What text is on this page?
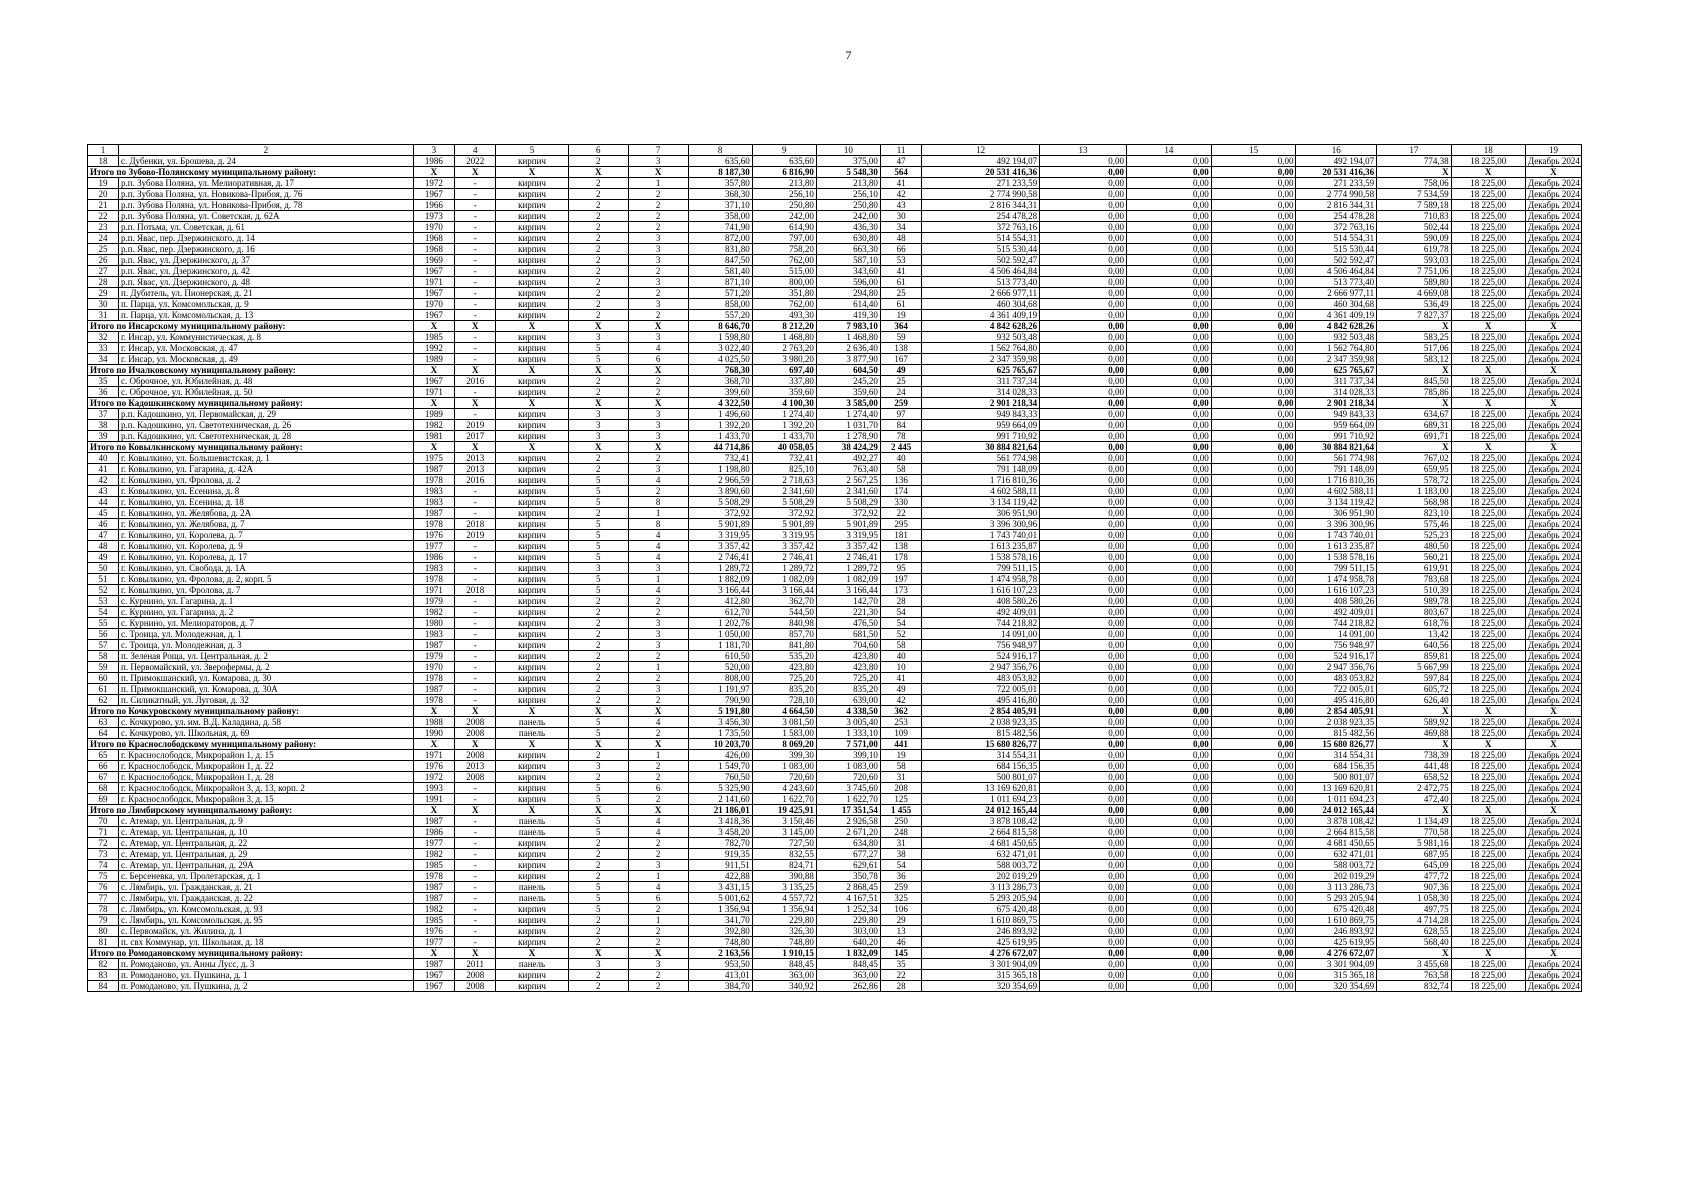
7
1	2	3	4	5	6	7	8	9	10	11	12	13	14	15	16	17	18	19
18	с. Дубенки, ул. Брошева, д. 24	1986	2022	кирпич	2	3	635,60	635,60	375,00	47	492 194,07	0,00	0,00	0,00	492 194,07	774,38	18 225,00	Декабрь 2024
Итого по Зубово-Полянскому муниципальному району:		X	X	X	X	X	8 187,30	6 816,90	5 548,30	564	20 531 416,36	0,00	0,00	0,00	20 531 416,36	X	X	X
19	р.п. Зубова Поляна, ул. Мелиоративная, д. 17	1972	-	кирпич	2	1	357,80	213,80	213,80	41	271 233,59	0,00	0,00	0,00	271 233,59	758,06	18 225,00	Декабрь 2024
20	р.п. Зубова Поляна, ул. Новикова-Прибоя, д. 76	1967	-	кирпич	2	2	368,30	256,10	256,10	42	2 774 990,58	0,00	0,00	0,00	2 774 990,58	7 534,59	18 225,00	Декабрь 2024
21	р.п. Зубова Поляна, ул. Новикова-Прибоя, д. 78	1966	-	кирпич	2	2	371,10	250,80	250,80	43	2 816 344,31	0,00	0,00	0,00	2 816 344,31	7 589,18	18 225,00	Декабрь 2024
22	р.п. Зубова Поляна, ул. Советская, д. 62А	1973	-	кирпич	2	2	358,00	242,00	242,00	30	254 478,28	0,00	0,00	0,00	254 478,28	710,83	18 225,00	Декабрь 2024
23	р.п. Потьма, ул. Советская, д. 61	1970	-	кирпич	2	2	741,90	614,90	436,30	34	372 763,16	0,00	0,00	0,00	372 763,16	502,44	18 225,00	Декабрь 2024
24	р.п. Явас, пер. Дзержинского, д. 14	1968	-	кирпич	2	3	872,00	797,00	630,80	48	514 554,31	0,00	0,00	0,00	514 554,31	590,09	18 225,00	Декабрь 2024
25	р.п. Явас, пер. Дзержинского, д. 16	1968	-	кирпич	2	3	831,80	758,20	663,30	66	515 530,44	0,00	0,00	0,00	515 530,44	619,78	18 225,00	Декабрь 2024
26	р.п. Явас, ул. Дзержинского, д. 37	1969	-	кирпич	2	3	847,50	762,00	587,10	53	502 592,47	0,00	0,00	0,00	502 592,47	593,03	18 225,00	Декабрь 2024
27	р.п. Явас, ул. Дзержинского, д. 42	1967	-	кирпич	2	2	581,40	515,00	343,60	41	4 506 464,84	0,00	0,00	0,00	4 506 464,84	7 751,06	18 225,00	Декабрь 2024
28	р.п. Явас, ул. Дзержинского, д. 48	1971	-	кирпич	2	3	871,10	800,00	596,00	61	513 773,40	0,00	0,00	0,00	513 773,40	589,80	18 225,00	Декабрь 2024
29	п. Дубитель, ул. Пионерская, д. 21	1967	-	кирпич	2	2	571,20	351,80	294,80	25	2 666 977,11	0,00	0,00	0,00	2 666 977,11	4 669,08	18 225,00	Декабрь 2024
30	п. Парца, ул. Комсомольская, д. 9	1970	-	кирпич	2	3	858,00	762,00	614,40	61	460 304,68	0,00	0,00	0,00	460 304,68	536,49	18 225,00	Декабрь 2024
31	п. Парца, ул. Комсомольская, д. 13	1967	-	кирпич	2	2	557,20	493,30	419,30	19	4 361 409,19	0,00	0,00	0,00	4 361 409,19	7 827,37	18 225,00	Декабрь 2024
Итого по Инсарскому муниципальному району:		X	X	X	X	X	8 646,70	8 212,20	7 983,10	364	4 842 628,26	0,00	0,00	0,00	4 842 628,26	X	X	X
32	г. Инсар, ул. Коммунистическая, д. 8	1985	-	кирпич	3	3	1 598,80	1 468,80	1 468,80	59	932 503,48	0,00	0,00	0,00	932 503,48	583,25	18 225,00	Декабрь 2024
33	г. Инсар, ул. Московская, д. 47	1992	-	кирпич	5	4	3 022,40	2 763,20	2 636,40	138	1 562 764,80	0,00	0,00	0,00	1 562 764,80	517,06	18 225,00	Декабрь 2024
34	г. Инсар, ул. Московская, д. 49	1989	-	кирпич	5	6	4 025,50	3 980,20	3 877,90	167	2 347 359,98	0,00	0,00	0,00	2 347 359,98	583,12	18 225,00	Декабрь 2024
Итого по Ичалковскому муниципальному району:		X	X	X	X	X	768,30	697,40	604,50	49	625 765,67	0,00	0,00	0,00	625 765,67	X	X	X
35	с. Оброчное, ул. Юбилейная, д. 48	1967	2016	кирпич	2	2	368,70	337,80	245,20	25	311 737,34	0,00	0,00	0,00	311 737,34	845,50	18 225,00	Декабрь 2024
36	с. Оброчное, ул. Юбилейная, д. 50	1971	-	кирпич	2	2	399,60	359,60	359,60	24	314 028,33	0,00	0,00	0,00	314 028,33	785,86	18 225,00	Декабрь 2024
Итого по Кадошкинскому муниципальному району:		X	X	X	X	X	4 322,50	4 100,30	3 585,00	259	2 901 218,34	0,00	0,00	0,00	2 901 218,34	X	X	X
37	р.п. Кадошкино, ул. Первомайская, д. 29	1989	-	кирпич	3	3	1 496,60	1 274,40	1 274,40	97	949 843,33	0,00	0,00	0,00	949 843,33	634,67	18 225,00	Декабрь 2024
38	р.п. Кадошкино, ул. Светотехническая, д. 26	1982	2019	кирпич	3	3	1 392,20	1 392,20	1 031,70	84	959 664,09	0,00	0,00	0,00	959 664,09	689,31	18 225,00	Декабрь 2024
39	р.п. Кадошкино, ул. Светотехническая, д. 28	1981	2017	кирпич	3	3	1 433,70	1 433,70	1 278,90	78	991 710,92	0,00	0,00	0,00	991 710,92	691,71	18 225,00	Декабрь 2024
Итого по Ковылкинскому муниципальному району:		X	X	X	X	X	44 714,86	40 058,05	38 424,29	2 445	30 884 821,64	0,00	0,00	0,00	30 884 821,64	X	X	X
40	г. Ковылкино, ул. Большевистская, д. 1	1975	2013	кирпич	2	2	732,41	732,41	492,27	40	561 774,98	0,00	0,00	0,00	561 774,98	767,02	18 225,00	Декабрь 2024
41	г. Ковылкино, ул. Гагарина, д. 42А	1987	2013	кирпич	2	3	1 198,80	825,10	763,40	58	791 148,09	0,00	0,00	0,00	791 148,09	659,95	18 225,00	Декабрь 2024
42	г. Ковылкино, ул. Фролова, д. 2	1978	2016	кирпич	5	4	2 966,59	2 718,63	2 567,25	136	1 716 810,36	0,00	0,00	0,00	1 716 810,36	578,72	18 225,00	Декабрь 2024
43	г. Ковылкино, ул. Есенина, д. 8	1983	-	кирпич	5	2	3 890,60	2 341,60	2 341,60	174	4 602 588,11	0,00	0,00	0,00	4 602 588,11	1 183,00	18 225,00	Декабрь 2024
44	г. Ковылкино, ул. Есенина, д. 18	1983	-	кирпич	5	8	5 508,29	5 508,29	5 508,29	330	3 134 119,42	0,00	0,00	0,00	3 134 119,42	568,98	18 225,00	Декабрь 2024
45	г. Ковылкино, ул. Желябова, д. 2А	1987	-	кирпич	2	1	372,92	372,92	372,92	22	306 951,90	0,00	0,00	0,00	306 951,90	823,10	18 225,00	Декабрь 2024
46	г. Ковылкино, ул. Желябова, д. 7	1978	2018	кирпич	5	8	5 901,89	5 901,89	5 901,89	295	3 396 300,96	0,00	0,00	0,00	3 396 300,96	575,46	18 225,00	Декабрь 2024
47	г. Ковылкино, ул. Королева, д. 7	1976	2019	кирпич	5	4	3 319,95	3 319,95	3 319,95	181	1 743 740,01	0,00	0,00	0,00	1 743 740,01	525,23	18 225,00	Декабрь 2024
48	г. Ковылкино, ул. Королева, д. 9	1977	-	кирпич	5	4	3 357,42	3 357,42	3 357,42	138	1 613 235,87	0,00	0,00	0,00	1 613 235,87	480,50	18 225,00	Декабрь 2024
49	г. Ковылкино, ул. Королева, д. 17	1986	-	кирпич	5	4	2 746,41	2 746,41	2 746,41	178	1 538 578,16	0,00	0,00	0,00	1 538 578,16	560,21	18 225,00	Декабрь 2024
50	г. Ковылкино, ул. Свобода, д. 1А	1983	-	кирпич	3	3	1 289,72	1 289,72	1 289,72	95	799 511,15	0,00	0,00	0,00	799 511,15	619,91	18 225,00	Декабрь 2024
51	г. Ковылкино, ул. Фролова, д. 2, корп. 5	1978	-	кирпич	5	1	1 882,09	1 082,09	1 082,09	197	1 474 958,78	0,00	0,00	0,00	1 474 958,78	783,68	18 225,00	Декабрь 2024
52	г. Ковылкино, ул. Фролова, д. 7	1971	2018	кирпич	5	4	3 166,44	3 166,44	3 166,44	173	1 616 107,23	0,00	0,00	0,00	1 616 107,23	510,39	18 225,00	Декабрь 2024
53	с. Курнино, ул. Гагарина, д. 1	1979	-	кирпич	2	2	412,80	362,70	142,70	28	408 580,26	0,00	0,00	0,00	408 580,26	989,78	18 225,00	Декабрь 2024
54	с. Курнино, ул. Гагарина, д. 2	1982	-	кирпич	2	2	612,70	544,50	221,30	54	492 409,01	0,00	0,00	0,00	492 409,01	803,67	18 225,00	Декабрь 2024
55	с. Курнино, ул. Мелиораторов, д. 7	1980	-	кирпич	2	3	1 202,76	840,98	476,50	54	744 218,82	0,00	0,00	0,00	744 218,82	618,76	18 225,00	Декабрь 2024
56	с. Троица, ул. Молодежная, д. 1	1983	-	кирпич	2	3	1 050,00	857,70	681,50	52	14 091,00	0,00	0,00	0,00	14 091,00	13,42	18 225,00	Декабрь 2024
57	с. Троица, ул. Молодежная, д. 3	1987	-	кирпич	2	3	1 181,70	841,80	704,60	58	756 948,97	0,00	0,00	0,00	756 948,97	640,56	18 225,00	Декабрь 2024
58	п. Зеленая Роща, ул. Центральная, д. 2	1979	-	кирпич	2	2	610,50	535,20	423,80	40	524 916,17	0,00	0,00	0,00	524 916,17	859,81	18 225,00	Декабрь 2024
59	п. Первомайский, ул. Зверофермы, д. 2	1970	-	кирпич	2	1	520,00	423,80	423,80	10	2 947 356,76	0,00	0,00	0,00	2 947 356,76	5 667,99	18 225,00	Декабрь 2024
60	п. Примокшанский, ул. Комарова, д. 30	1978	-	кирпич	2	2	808,00	725,20	725,20	41	483 053,82	0,00	0,00	0,00	483 053,82	597,84	18 225,00	Декабрь 2024
61	п. Примокшанский, ул. Комарова, д. 30А	1987	-	кирпич	2	3	1 191,97	835,20	835,20	49	722 005,01	0,00	0,00	0,00	722 005,01	605,72	18 225,00	Декабрь 2024
62	п. Силикатный, ул. Луговая, д. 32	1978	-	кирпич	2	2	790,90	728,10	639,00	42	495 416,80	0,00	0,00	0,00	495 416,80	626,40	18 225,00	Декабрь 2024
Итого по Кочкуровскому муниципальному району:		X	X	X	X	X	5 191,80	4 664,50	4 338,50	362	2 854 405,91	0,00	0,00	0,00	2 854 405,91	X	X	X
63	с. Кочкурово, ул. им. В.Д. Каладина, д. 58	1988	2008	панель	5	4	3 456,30	3 081,50	3 005,40	253	2 038 923,35	0,00	0,00	0,00	2 038 923,35	589,92	18 225,00	Декабрь 2024
64	с. Кочкурово, ул. Школьная, д. 69	1990	2008	панель	5	2	1 735,50	1 583,00	1 333,10	109	815 482,56	0,00	0,00	0,00	815 482,56	469,88	18 225,00	Декабрь 2024
Итого по Краснослободскому муниципальному району:		X	X	X	X	X	10 203,70	8 069,20	7 571,00	441	15 680 826,77	0,00	0,00	0,00	15 680 826,77	X	X	X
65	г. Краснослободск, Микрорайон 1, д. 15	1971	2008	кирпич	2	1	426,00	399,30	399,10	19	314 554,31	0,00	0,00	0,00	314 554,31	738,39	18 225,00	Декабрь 2024
66	г. Краснослободск, Микрорайон 1, д. 22	1976	2013	кирпич	3	2	1 549,70	1 083,00	1 083,00	58	684 156,35	0,00	0,00	0,00	684 156,35	441,48	18 225,00	Декабрь 2024
67	г. Краснослободск, Микрорайон 1, д. 28	1972	2008	кирпич	2	2	760,50	720,60	720,60	31	500 801,07	0,00	0,00	0,00	500 801,07	658,52	18 225,00	Декабрь 2024
68	г. Краснослободск, Микрорайон 3, д. 13, корп. 2	1993	-	кирпич	5	6	5 325,90	4 243,60	3 745,60	208	13 169 620,81	0,00	0,00	0,00	13 169 620,81	2 472,75	18 225,00	Декабрь 2024
69	г. Краснослободск, Микрорайон 3, д. 15	1991	-	кирпич	5	2	2 141,60	1 622,70	1 622,70	125	1 011 694,23	0,00	0,00	0,00	1 011 694,23	472,40	18 225,00	Декабрь 2024
Итого по Лямбирскому муниципальному району:		X	X	X	X	X	21 186,01	19 425,91	17 351,54	1 455	24 012 165,44	0,00	0,00	0,00	24 012 165,44	X	X	X
70	с. Атемар, ул. Центральная, д. 9	1987	-	панель	5	4	3 418,36	3 150,46	2 926,58	250	3 878 108,42	0,00	0,00	0,00	3 878 108,42	1 134,49	18 225,00	Декабрь 2024
71	с. Атемар, ул. Центральная, д. 10	1986	-	панель	5	4	3 458,20	3 145,00	2 671,20	248	2 664 815,58	0,00	0,00	0,00	2 664 815,58	770,58	18 225,00	Декабрь 2024
72	с. Атемар, ул. Центральная, д. 22	1977	-	кирпич	2	2	782,70	727,50	634,80	31	4 681 450,65	0,00	0,00	0,00	4 681 450,65	5 981,16	18 225,00	Декабрь 2024
73	с. Атемар, ул. Центральная, д. 29	1982	-	кирпич	2	2	919,35	832,55	677,27	38	632 471,01	0,00	0,00	0,00	632 471,01	687,95	18 225,00	Декабрь 2024
74	с. Атемар, ул. Центральная, д. 29А	1985	-	кирпич	2	3	911,51	824,71	629,61	54	588 003,72	0,00	0,00	0,00	588 003,72	645,09	18 225,00	Декабрь 2024
75	с. Берсеневка, ул. Пролетарская, д. 1	1978	-	кирпич	2	1	422,88	390,88	350,78	36	202 019,29	0,00	0,00	0,00	202 019,29	477,72	18 225,00	Декабрь 2024
76	с. Лямбирь, ул. Гражданская, д. 21	1987	-	панель	5	4	3 431,15	3 135,25	2 868,45	259	3 113 286,73	0,00	0,00	0,00	3 113 286,73	907,36	18 225,00	Декабрь 2024
77	с. Лямбирь, ул. Гражданская, д. 22	1987	-	панель	5	6	5 001,62	4 557,72	4 167,51	325	5 293 205,94	0,00	0,00	0,00	5 293 205,94	1 058,30	18 225,00	Декабрь 2024
78	с. Лямбирь, ул. Комсомольская, д. 93	1982	-	кирпич	5	2	1 356,94	1 356,94	1 252,34	106	675 420,48	0,00	0,00	0,00	675 420,48	497,75	18 225,00	Декабрь 2024
79	с. Лямбирь, ул. Комсомольская, д. 95	1985	-	кирпич	2	1	341,70	229,80	229,80	29	1 610 869,75	0,00	0,00	0,00	1 610 869,75	4 714,28	18 225,00	Декабрь 2024
80	с. Первомайск, ул. Жилина, д. 1	1976	-	кирпич	2	2	392,80	326,30	303,00	13	246 893,92	0,00	0,00	0,00	246 893,92	628,55	18 225,00	Декабрь 2024
81	п. свх Коммунар, ул. Школьная, д. 18	1977	-	кирпич	2	2	748,80	748,80	640,20	46	425 619,95	0,00	0,00	0,00	425 619,95	568,40	18 225,00	Декабрь 2024
Итого по Ромодановскому муниципальному району:		X	X	X	X	X	2 163,56	1 910,15	1 832,09	145	4 276 672,07	0,00	0,00	0,00	4 276 672,07	X	X	X
82	п. Ромоданово, ул. Анны Лусс, д. 3	1987	2011	панель	3	3	953,50	848,45	848,45	35	3 301 904,09	0,00	0,00	0,00	3 301 904,09	3 455,68	18 225,00	Декабрь 2024
83	п. Ромоданово, ул. Пушкина, д. 1	1967	2008	кирпич	2	2	413,01	363,00	363,00	22	315 365,18	0,00	0,00	0,00	315 365,18	763,58	18 225,00	Декабрь 2024
84	п. Ромоданово, ул. Пушкина, д. 2	1967	2008	кирпич	2	2	384,70	340,92	262,86	28	320 354,69	0,00	0,00	0,00	320 354,69	832,74	18 225,00	Декабрь 2024
